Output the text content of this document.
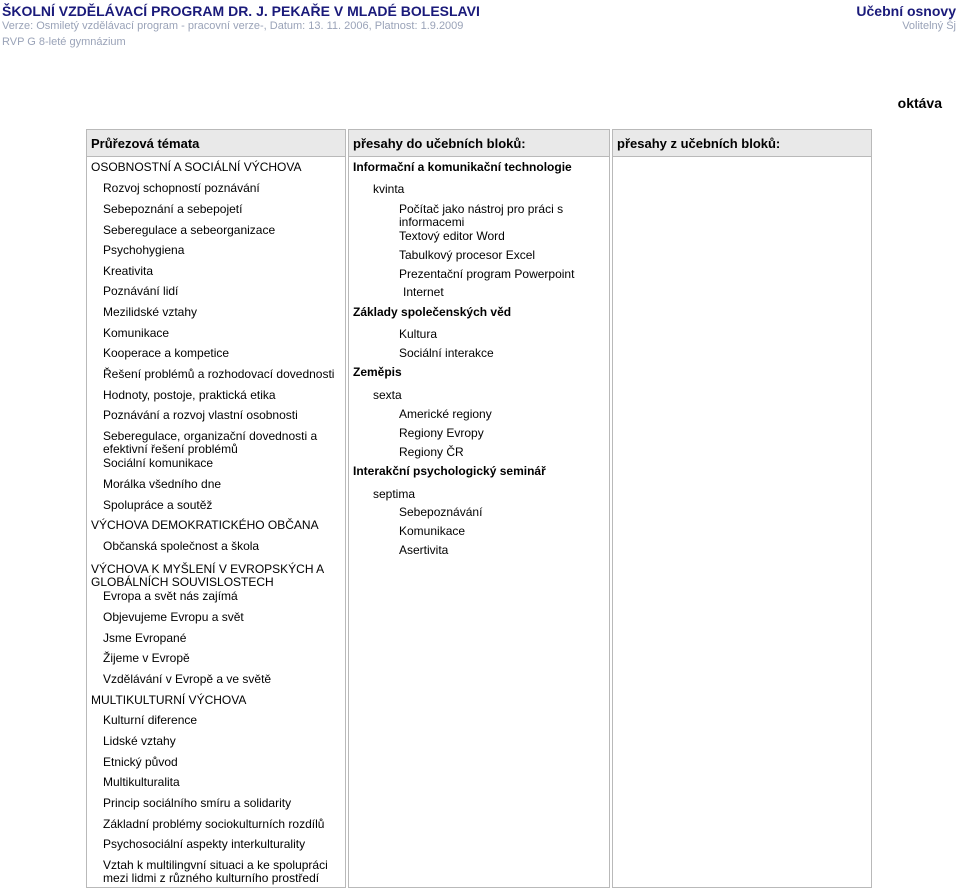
ŠKOLNÍ VZDĚLÁVACÍ PROGRAM DR. J. PEKAŘE V MLADÉ BOLESLAVI	Učební osnovy
Verze: Osmiletý vzdělávací program - pracovní verze-, Datum: 13. 11. 2006, Platnost: 1.9.2009	Volitelný Šj
RVP G 8-leté gymnázium
oktáva
Průřezová témata
OSOBNOSTNÍ A SOCIÁLNÍ VÝCHOVA
Rozvoj schopností poznávání
Sebepoznání a sebepojetí
Seberegulace a sebeorganizace
Psychohygiena
Kreativita
Poznávání lidí
Mezilidské vztahy
Komunikace
Kooperace a kompetice
Řešení problémů a rozhodovací dovednosti
Hodnoty, postoje, praktická etika
Poznávání a rozvoj vlastní osobnosti
Seberegulace, organizační dovednosti a
efektivní řešení problémů
Sociální komunikace
Morálka všedního dne
Spolupráce a soutěž
VÝCHOVA DEMOKRATICKÉHO OBČANA
Občanská společnost a škola
VÝCHOVA K MYŠLENÍ V EVROPSKÝCH A
GLOBÁLNÍCH SOUVISLOSTECH
Evropa a svět nás zajímá
Objevujeme Evropu a svět
Jsme Evropané
Žijeme v Evropě
Vzdělávání v Evropě a ve světě
MULTIKULTURNÍ VÝCHOVA
Kulturní diference
Lidské vztahy
Etnický původ
Multikulturalita
Princip sociálního smíru a solidarity
Základní problémy sociokulturních rozdílů
Psychosociální aspekty interkulturality
Vztah k multilingvní situaci a ke spolupráci
mezi lidmi z různého kulturního prostředí
přesahy do učebních bloků:
Informační a komunikační technologie
kvinta
Počítač jako nástroj pro práci s
informacemi
Textový editor Word
Tabulkový procesor Excel
Prezentační program Powerpoint
Internet
Základy společenských věd
Kultura
Sociální interakce
Zeměpis
sexta
Americké regiony
Regiony Evropy
Regiony ČR
Interakční psychologický seminář
septima
Sebepoznávání
Komunikace
Asertivita
přesahy z učebních bloků:
